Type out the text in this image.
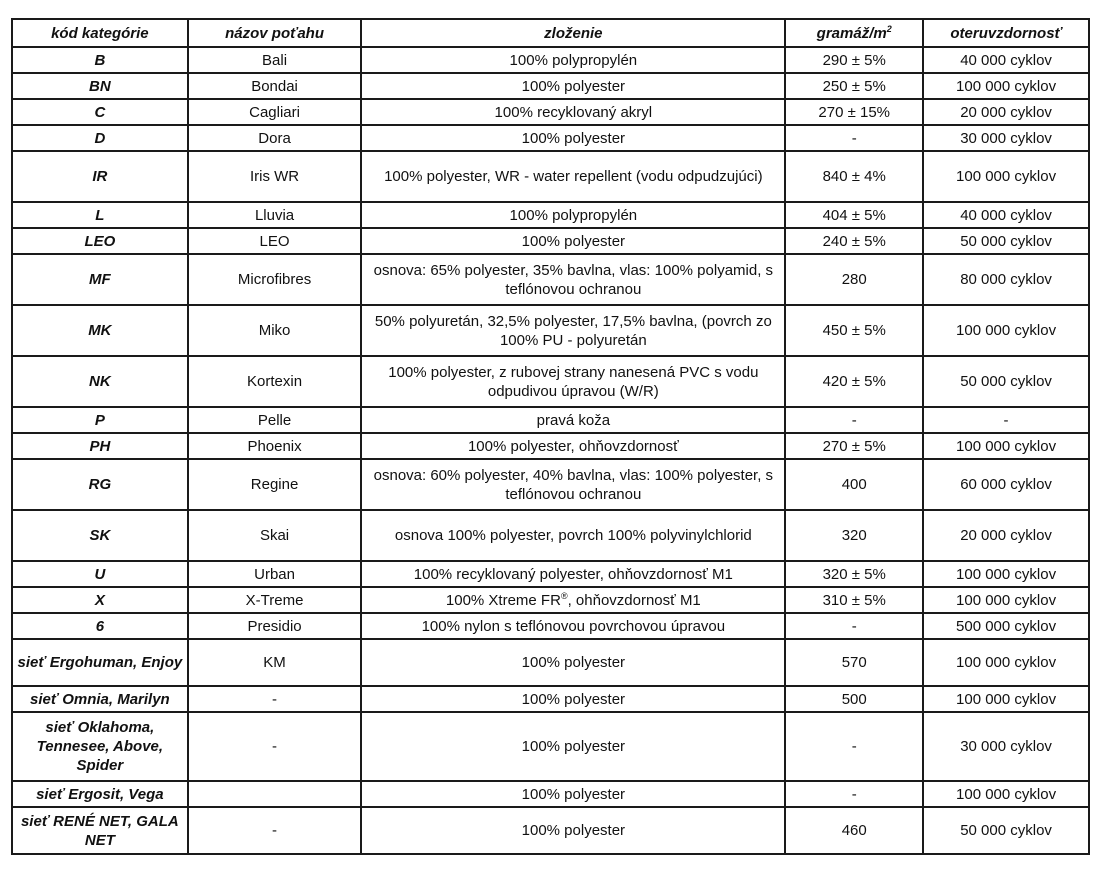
kód kategórie	názov poťahu	zloženie	gramáž/$m^2$	oteruvzdornosť
B	Bali	100% polypropylén	290 ± 5%	40 000 cyklov
BN	Bondai	100% polyester	250 ± 5%	100 000 cyklov
C	Cagliari	100% recyklovaný akryl	270 ± 15%	20 000 cyklov
D	Dora	100% polyester	-	30 000 cyklov
IR	Iris WR	100% polyester, WR - water repellent (vodu odpudzujúci)	840 ± 4%	100 000 cyklov
L	Lluvia	100% polypropylén	404 ± 5%	40 000 cyklov
LEO	LEO	100% polyester	240 ± 5%	50 000 cyklov
MF	Microfibres	osnova: 65% polyester, 35% bavlna, vlas: 100% polyamid, s teflónovou ochranou	280	80 000 cyklov
MK	Miko	50% polyuretán, 32,5% polyester, 17,5% bavlna, (povrch zo 100% PU - polyuretán	450 ± 5%	100 000 cyklov
NK	Kortexin	100% polyester, z rubovej strany nanesená PVC s vodu odpudivou úpravou (W/R)	420 ± 5%	50 000 cyklov
P	Pelle	pravá koža	-	-
PH	Phoenix	100% polyester, ohňovzdornosť	270 ± 5%	100 000 cyklov
RG	Regine	osnova: 60% polyester, 40% bavlna, vlas: 100% polyester, s teflónovou ochranou	400	60 000 cyklov
SK	Skai	osnova 100% polyester, povrch 100% polyvinylchlorid	320	20 000 cyklov
U	Urban	100% recyklovaný polyester, ohňovzdornosť M1	320 ± 5%	100 000 cyklov
X	X-Treme	100% Xtreme FR®, ohňovzdornosť M1	310 ± 5%	100 000 cyklov
6	Presidio	100% nylon s teflónovou povrchovou úpravou	-	500 000 cyklov
sieť Ergohuman, Enjoy	KM	100% polyester	570	100 000 cyklov
sieť Omnia, Marilyn	-	100% polyester	500	100 000 cyklov
sieť Oklahoma, Tennesee, Above, Spider	-	100% polyester	-	30 000 cyklov
sieť Ergosit, Vega		100% polyester	-	100 000 cyklov
sieť RENÉ NET, GALA NET	-	100% polyester	460	50 000 cyklov
